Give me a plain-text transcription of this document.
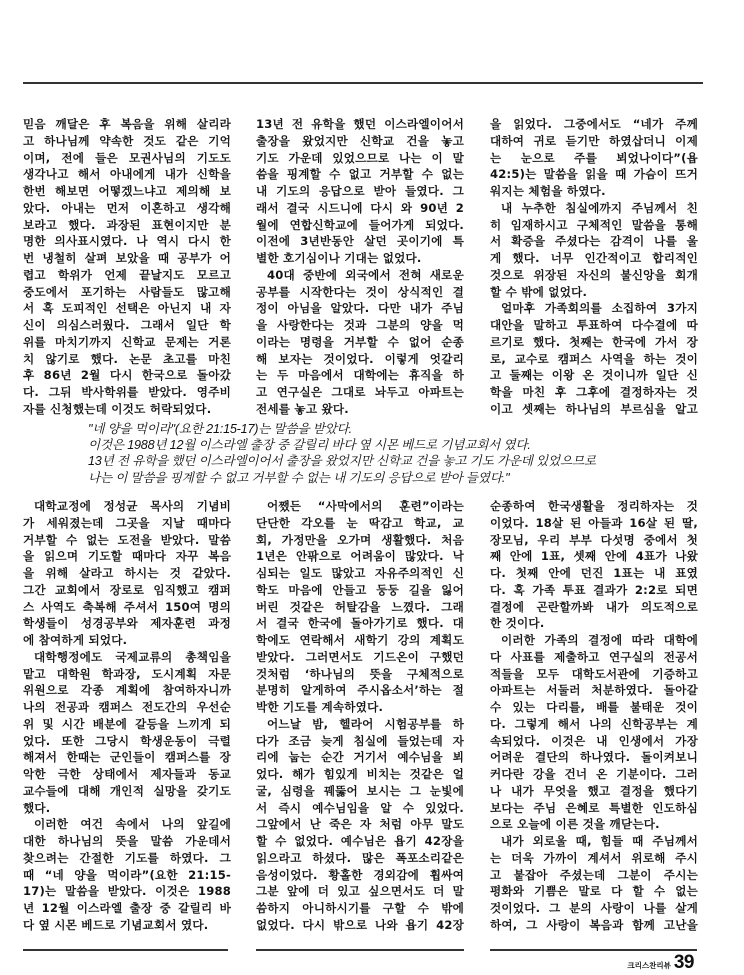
믿음 깨달은 후 복음을 위해 살리라
고 하나님께 약속한 것도 같은 기억
이며, 전에 들은 모권사님의 기도도
생각나고 해서 아내에게 내가 신학을
한번 해보면 어떻겠느냐고 제의해 보
았다. 아내는 먼저 이혼하고 생각해
보라고 했다. 과장된 표현이지만 분
명한 의사표시였다. 나 역시 다시 한
번 냉철히 살펴 보았을 때 공부가 어
렵고 학위가 언제 끝날지도 모르고
중도에서 포기하는 사람들도 많고해
서 혹 도피적인 선택은 아닌지 내 자
신이 의심스러웠다. 그래서 일단 학
위를 마치기까지 신학교 문제는 거론
치 않기로 했다. 논문 초고를 마친
후 86년 2월 다시 한국으로 돌아갔
다. 그뒤 박사학위를 받았다. 영주비
자를 신청했는데 이것도 허락되었다.
13년 전 유학을 했던 이스라엘이어서
출장을 왔었지만 신학교 건을 놓고
기도 가운데 있었으므로 나는 이 말
씀을 핑계할 수 없고 거부할 수 없는
내 기도의 응답으로 받아 들였다. 그
래서 결국 시드니에 다시 와 90년 2
월에 연합신학교에 들어가게 되었다.
이전에 3년반동안 살던 곳이기에 특
별한 호기심이나 기대는 없었다.
40대 중반에 외국에서 전혀 새로운
공부를 시작한다는 것이 상식적인 결
정이 아님을 알았다. 다만 내가 주님
을 사랑한다는 것과 그분의 양을 먹
이라는 명령을 거부할 수 없어 순종
해 보자는 것이었다. 이렇게 엇갈리
는 두 마음에서 대학에는 휴직을 하
고 연구실은 그대로 놔두고 아파트는
전세를 놓고 왔다.
을 읽었다. 그중에서도 “네가 주께
대하여 귀로 듣기만 하였삽더니 이제
는 눈으로 주를 뵈었나이다”(욥
42:5)는 말씀을 읽을 때 가슴이 뜨거
워지는 체험을 하였다.
내 누추한 침실에까지 주님께서 친
히 임재하시고 구체적인 말씀을 통해
서 확증을 주셨다는 감격이 나를 울
게 했다. 너무 인간적이고 합리적인
것으로 위장된 자신의 불신앙을 회개
할 수 밖에 없었다.
얼마후 가족회의를 소집하여 3가지
대안을 말하고 투표하여 다수결에 따
르기로 했다. 첫째는 한국에 가서 장
로, 교수로 캠퍼스 사역을 하는 것이
고 둘째는 이왕 온 것이니까 일단 신
학을 마친 후 그후에 결정하자는 것
이고 셋째는 하나님의 부르심을 알고
"네 양을 먹이라"(요한 21:15-17)는 말씀을 받았다.
이것은 1988년 12월 이스라엘 출장 중 갈릴리 바다 옆 시몬 베드로 기념교회서 였다.
13년 전 유학을 했던 이스라엘이어서 출장을 왔었지만 신학교 건을 놓고 기도 가운데 있었으므로
나는 이 말씀을 핑계할 수 없고 거부할 수 없는 내 기도의 응답으로 받아 들였다."
대학교정에 정성균 목사의 기념비
가 세워졌는데 그곳을 지날 때마다
거부할 수 없는 도전을 받았다. 말씀
을 읽으며 기도할 때마다 자꾸 복음
을 위해 살라고 하시는 것 같았다.
그간 교회에서 장로로 임직했고 캠퍼
스 사역도 축복해 주셔서 150여 명의
학생들이 성경공부와 제자훈련 과정
에 참여하게 되었다.
대학행정에도 국제교류의 총책임을
맡고 대학원 학과장, 도시계획 자문
위원으로 각종 계획에 참여하자니까
나의 전공과 캠퍼스 전도간의 우선순
위 및 시간 배분에 갈등을 느끼게 되
었다. 또한 그당시 학생운동이 극렬
해져서 한때는 군인들이 캠퍼스를 장
악한 극한 상태에서 제자들과 동교
교수들에 대해 개인적 실망을 갖기도
했다.
이러한 여건 속에서 나의 앞길에
대한 하나님의 뜻을 말씀 가운데서
찾으려는 간절한 기도를 하였다. 그
때 “네 양을 먹이라”(요한 21:15-
17)는 말씀을 받았다. 이것은 1988
년 12월 이스라엘 출장 중 갈릴리 바
다 옆 시몬 베드로 기념교회서 였다.
어쨌든 “사막에서의 훈련”이라는
단단한 각오를 눈 딱감고 학교, 교
회, 가정만을 오가며 생활했다. 처음
1년은 안팎으로 어려움이 많았다. 낙
심되는 일도 많았고 자유주의적인 신
학도 마음에 안들고 둥둥 길을 잃어
버린 것같은 허탈감을 느꼈다. 그래
서 결국 한국에 돌아가기로 했다. 대
학에도 연락해서 새학기 강의 계획도
받았다. 그러면서도 기드온이 구했던
것처럼 ‘하나님의 뜻을 구체적으로
분명히 알게하여 주시옵소서’하는 절
박한 기도를 계속하였다.
어느날 밤, 헬라어 시험공부를 하
다가 조금 늦게 침실에 들었는데 자
리에 눕는 순간 거기서 예수님을 뵈
었다. 해가 힘있게 비치는 것같은 얼
굴, 심령을 꿰뚫어 보시는 그 눈빛에
서 즉시 예수님임을 알 수 있었다.
그앞에서 난 죽은 자 처럼 아무 말도
할 수 없었다. 예수님은 욥기 42장을
읽으라고 하셨다. 많은 폭포소리같은
음성이었다. 황홀한 경외감에 휩싸여
그분 앞에 더 있고 싶으면서도 더 말
씀하지 아니하시기를 구할 수 밖에
없었다. 다시 밖으로 나와 욥기 42장
순종하여 한국생활을 정리하자는 것
이었다. 18살 된 아들과 16살 된 딸,
장모님, 우리 부부 다섯명 중에서 첫
째 안에 1표, 셋째 안에 4표가 나왔
다. 첫째 안에 던진 1표는 내 표였
다. 혹 가족 투표 결과가 2:2로 되면
결정에 곤란할까봐 내가 의도적으로
한 것이다.
이러한 가족의 결정에 따라 대학에
다 사표를 제출하고 연구실의 전공서
적들을 모두 대학도서관에 기증하고
아파트는 서둘러 처분하였다. 돌아갈
수 있는 다리를, 배를 불태운 것이
다. 그렇게 해서 나의 신학공부는 계
속되었다. 이것은 내 인생에서 가장
어려운 결단의 하나였다. 돌이켜보니
커다란 강을 건너 온 기분이다. 그러
나 내가 무엇을 했고 결정을 했다기
보다는 주님 은혜로 특별한 인도하심
으로 오늘에 이른 것을 깨닫는다.
내가 외로울 때, 힘들 때 주님께서
는 더욱 가까이 계셔서 위로해 주시
고 붙잡아 주셨는데 그분이 주시는
평화와 기쁨은 말로 다 할 수 없는
것이었다. 그 분의 사랑이 나를 살게
하여, 그 사랑이 복음과 함께 고난을
크리스찬리뷰 39
